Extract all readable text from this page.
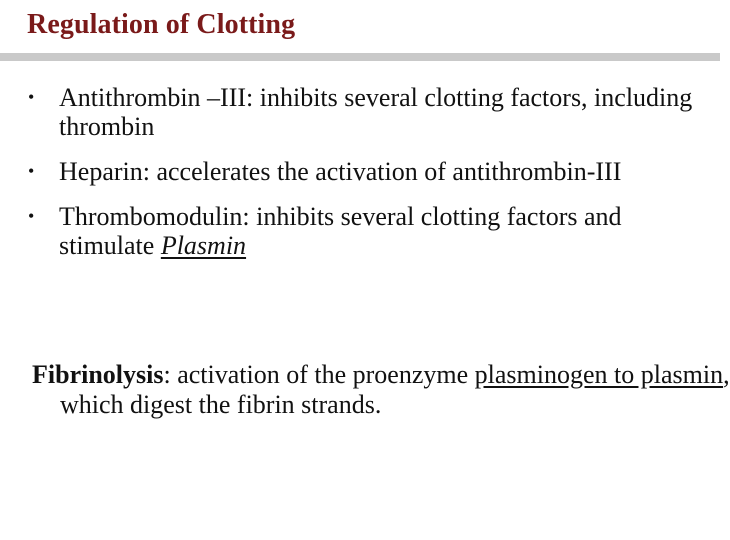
Regulation of Clotting
•
Antithrombin –III: inhibits several clotting factors, including thrombin
•
Heparin: accelerates the activation of antithrombin-III
•
Thrombomodulin: inhibits several clotting factors and stimulate Plasmin

Fibrinolysis: activation of the proenzyme plasminogen to plasmin, which digest the fibrin strands.
